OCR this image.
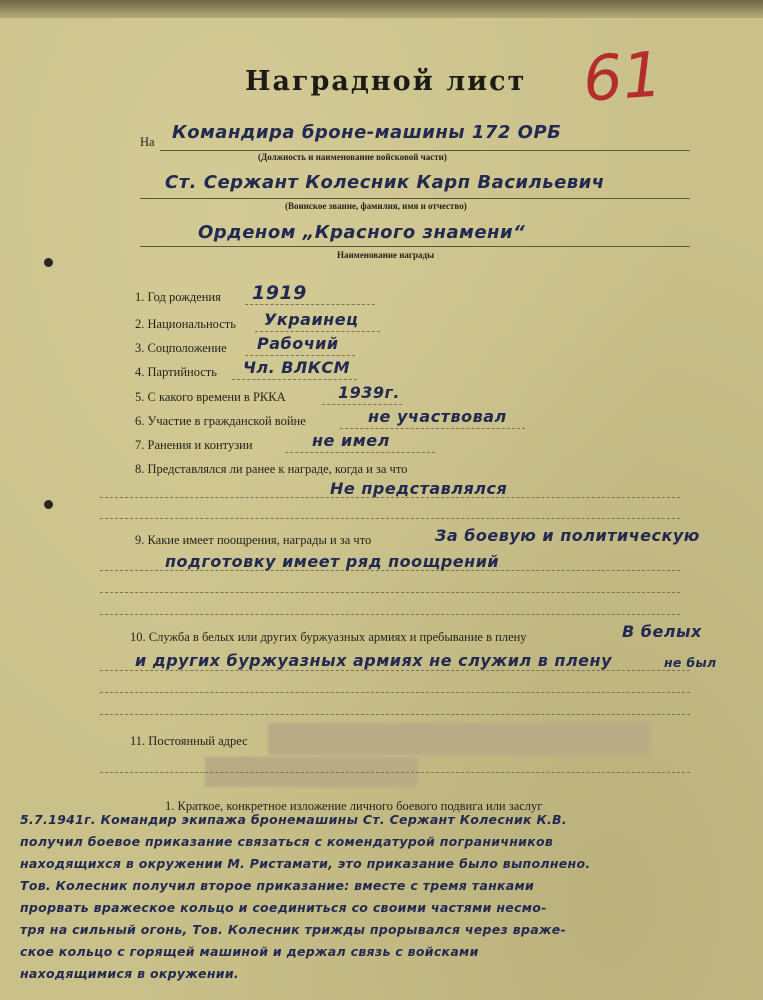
Наградной лист 61
На Командира броне-машины 172 ОРБ
(Должность и наименование войсковой части)
Ст. Сержант Колесник Карп Васильевич
(Воинское звание, фамилия, имя и отчество)
Орденом „Красного знамени“
Наименование награды
1. Год рождения 1919
2. Национальность Украинец
3. Соцположение Рабочий
4. Партийность Чл. ВЛКСМ
5. С какого времени в РККА	1939г.
6. Участие в гражданской войне	не участвовал
7. Ранения и контузии	не имел
8. Представлялся ли ранее к награде, когда и за что
Не представлялся
9. Какие имеет поощрения, награды и за что	За боевую и политическую
подготовку имеет ряд поощрений
10. Служба в белых или других буржуазных армиях и пребывание в плену	В белых
и других буржуазных армиях не служил в плену	не был
11. Постоянный адрес
1. Краткое, конкретное изложение личного боевого подвига или заслуг
5.7.1941г. Командир экипажа бронемашины Ст. Сержант Колесник К.В.
получил боевое приказание связаться с комендатурой пограничников
находящихся в окружении М. Ристамати, это приказание было выполнено.
Тов. Колесник получил второе приказание: вместе с тремя танками
прорвать вражеское кольцо и соединиться со своими частями несмо-
тря на сильный огонь, Тов. Колесник трижды прорывался через враже-
ское кольцо с горящей машиной и держал связь с войсками
находящимися в окружении.
